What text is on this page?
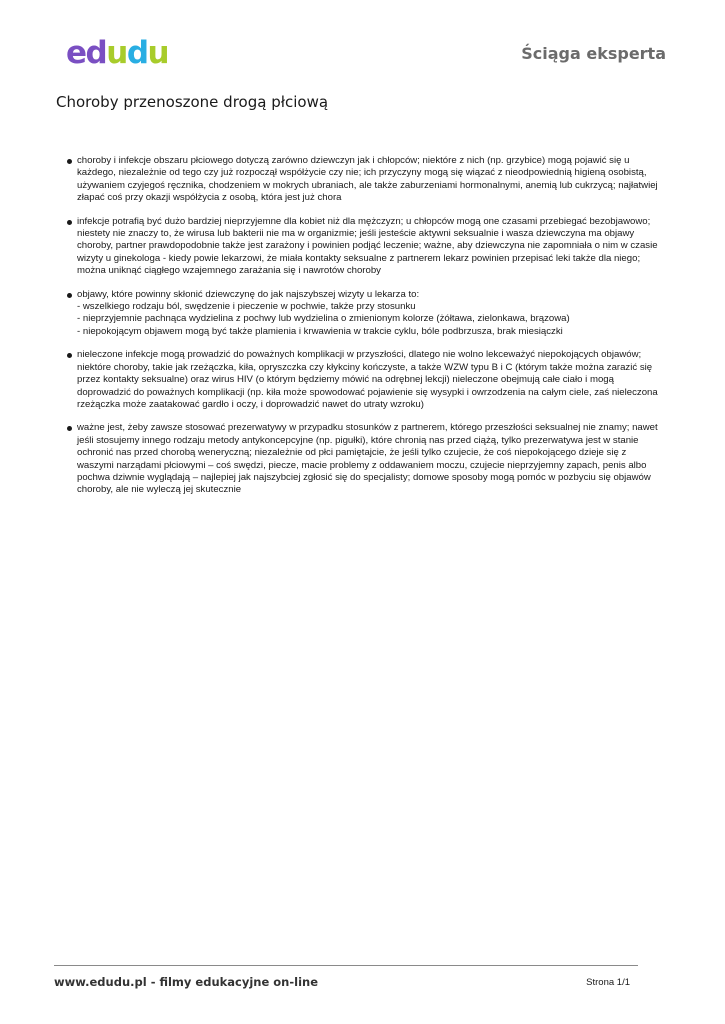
edudu	Ściąga eksperta
Choroby przenoszone drogą płciową
choroby i infekcje obszaru płciowego dotyczą zarówno dziewczyn jak i chłopców; niektóre z nich (np. grzybice) mogą pojawić się u
każdego, niezależnie od tego czy już rozpoczął współżycie czy nie; ich przyczyny mogą się wiązać z nieodpowiednią higieną osobistą,
używaniem czyjegoś ręcznika, chodzeniem w mokrych ubraniach, ale także zaburzeniami hormonalnymi, anemią lub cukrzycą; najłatwiej
złapać coś przy okazji współżycia z osobą, która jest już chora
infekcje potrafią być dużo bardziej nieprzyjemne dla kobiet niż dla mężczyzn; u chłopców mogą one czasami przebiegać bezobjawowo;
niestety nie znaczy to, że wirusa lub bakterii nie ma w organizmie; jeśli jesteście aktywni seksualnie i wasza dziewczyna ma objawy
choroby, partner prawdopodobnie także jest zarażony i powinien podjąć leczenie; ważne, aby dziewczyna nie zapomniała o nim w czasie
wizyty u ginekologa - kiedy powie lekarzowi, że miała kontakty seksualne z partnerem lekarz powinien przepisać leki także dla niego;
można uniknąć ciągłego wzajemnego zarażania się i nawrotów choroby
objawy, które powinny skłonić dziewczynę do jak najszybszej wizyty u lekarza to:
- wszelkiego rodzaju ból, swędzenie i pieczenie w pochwie, także przy stosunku
- nieprzyjemnie pachnąca wydzielina z pochwy lub wydzielina o zmienionym kolorze (żółtawa, zielonkawa, brązowa)
- niepokojącym objawem mogą być także plamienia i krwawienia w trakcie cyklu, bóle podbrzusza, brak miesiączki
nieleczone infekcje mogą prowadzić do poważnych komplikacji w przyszłości, dlatego nie wolno lekceważyć niepokojących objawów;
niektóre choroby, takie jak rzeżączka, kiła, opryszczka czy kłykciny kończyste, a także WZW typu B i C (którym także można zarazić się
przez kontakty seksualne) oraz wirus HIV (o którym będziemy mówić na odrębnej lekcji) nieleczone obejmują całe ciało i mogą
doprowadzić do poważnych komplikacji (np. kiła może spowodować pojawienie się wysypki i owrzodzenia na całym ciele, zaś nieleczona
rzeżączka może zaatakować gardło i oczy, i doprowadzić nawet do utraty wzroku)
ważne jest, żeby zawsze stosować prezerwatywy w przypadku stosunków z partnerem, którego przeszłości seksualnej nie znamy; nawet
jeśli stosujemy innego rodzaju metody antykoncepcyjne (np. pigułki), które chronią nas przed ciążą, tylko prezerwatywa jest w stanie
ochronić nas przed chorobą weneryczną; niezależnie od płci pamiętajcie, że jeśli tylko czujecie, że coś niepokojącego dzieje się z
waszymi narządami płciowymi – coś swędzi, piecze, macie problemy z oddawaniem moczu, czujecie nieprzyjemny zapach, penis albo
pochwa dziwnie wyglądają – najlepiej jak najszybciej zgłosić się do specjalisty; domowe sposoby mogą pomóc w pozbyciu się objawów
choroby, ale nie wyleczą jej skutecznie
www.edudu.pl - filmy edukacyjne on-line	Strona 1/1
